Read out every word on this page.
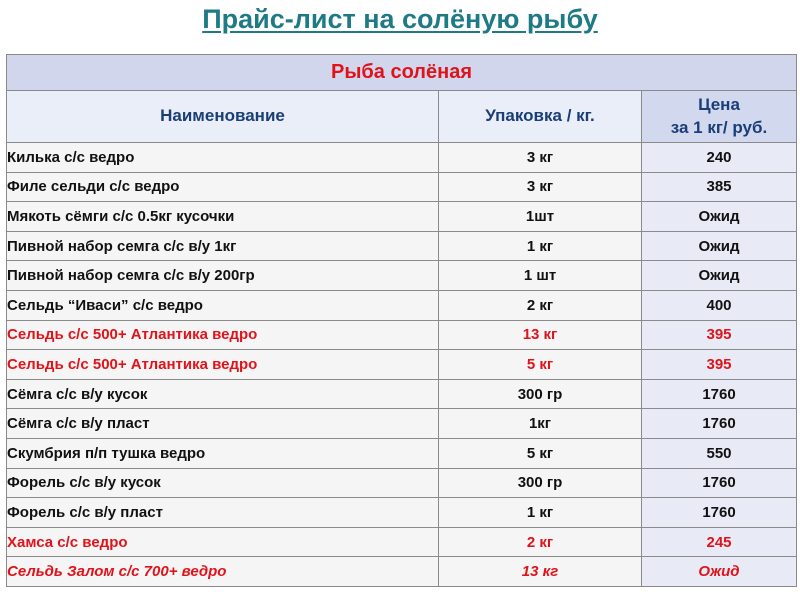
Прайс-лист на солёную рыбу
Рыба солёная		
Наименование	Упаковка / кг.	Цена
за 1 кг/ руб.

Килька с/с ведро	3 кг	240
Филе сельди с/с ведро	3 кг	385
Мякоть сёмги с/с 0.5кг кусочки	1шт	Ожид
Пивной набор семга с/с в/у 1кг	1 кг	Ожид
Пивной набор семга с/с в/у 200гр	1 шт	Ожид
Сельдь “Иваси” с/с ведро	2 кг	400
Сельдь с/с 500+ Атлантика ведро	13 кг	395
Сельдь с/с 500+ Атлантика ведро	5 кг	395
Сёмга с/с в/у кусок	300 гр	1760
Сёмга с/с в/у пласт	1кг	1760
Скумбрия п/п тушка ведро	5 кг	550
Форель с/с в/у кусок	300 гр	1760
Форель с/с в/у пласт	1 кг	1760
Хамса с/с ведро	2 кг	245
Сельдь Залом с/с 700+ ведро	13 кг	Ожид
